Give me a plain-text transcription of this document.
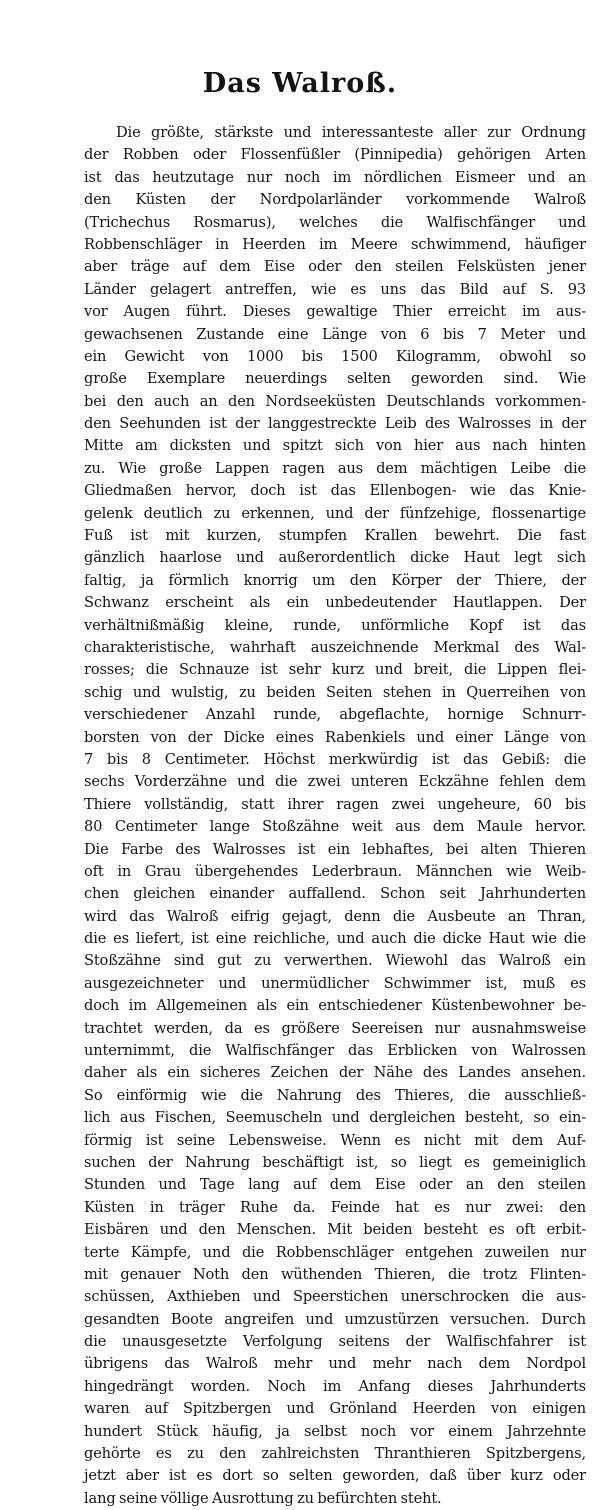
Das Walroß.
Die größte, stärkste und interessanteste aller zur Ordnung
der Robben oder Flossenfüßler (Pinnipedia) gehörigen Arten
ist das heutzutage nur noch im nördlichen Eismeer und an
den Küsten der Nordpolarländer vorkommende Walroß
(Trichechus Rosmarus), welches die Walfischfänger und
Robbenschläger in Heerden im Meere schwimmend, häufiger
aber träge auf dem Eise oder den steilen Felsküsten jener
Länder gelagert antreffen, wie es uns das Bild auf S. 93
vor Augen führt. Dieses gewaltige Thier erreicht im aus-
gewachsenen Zustande eine Länge von 6 bis 7 Meter und
ein Gewicht von 1000 bis 1500 Kilogramm, obwohl so
große Exemplare neuerdings selten geworden sind. Wie
bei den auch an den Nordseeküsten Deutschlands vorkommen-
den Seehunden ist der langgestreckte Leib des Walrosses in der
Mitte am dicksten und spitzt sich von hier aus nach hinten
zu. Wie große Lappen ragen aus dem mächtigen Leibe die
Gliedmaßen hervor, doch ist das Ellenbogen- wie das Knie-
gelenk deutlich zu erkennen, und der fünfzehige, flossenartige
Fuß ist mit kurzen, stumpfen Krallen bewehrt. Die fast
gänzlich haarlose und außerordentlich dicke Haut legt sich
faltig, ja förmlich knorrig um den Körper der Thiere, der
Schwanz erscheint als ein unbedeutender Hautlappen. Der
verhältnißmäßig kleine, runde, unförmliche Kopf ist das
charakteristische, wahrhaft auszeichnende Merkmal des Wal-
rosses; die Schnauze ist sehr kurz und breit, die Lippen flei-
schig und wulstig, zu beiden Seiten stehen in Querreihen von
verschiedener Anzahl runde, abgeflachte, hornige Schnurr-
borsten von der Dicke eines Rabenkiels und einer Länge von
7 bis 8 Centimeter. Höchst merkwürdig ist das Gebiß: die
sechs Vorderzähne und die zwei unteren Eckzähne fehlen dem
Thiere vollständig, statt ihrer ragen zwei ungeheure, 60 bis
80 Centimeter lange Stoßzähne weit aus dem Maule hervor.
Die Farbe des Walrosses ist ein lebhaftes, bei alten Thieren
oft in Grau übergehendes Lederbraun. Männchen wie Weib-
chen gleichen einander auffallend. Schon seit Jahrhunderten
wird das Walroß eifrig gejagt, denn die Ausbeute an Thran,
die es liefert, ist eine reichliche, und auch die dicke Haut wie die
Stoßzähne sind gut zu verwerthen. Wiewohl das Walroß ein
ausgezeichneter und unermüdlicher Schwimmer ist, muß es
doch im Allgemeinen als ein entschiedener Küstenbewohner be-
trachtet werden, da es größere Seereisen nur ausnahmsweise
unternimmt, die Walfischfänger das Erblicken von Walrossen
daher als ein sicheres Zeichen der Nähe des Landes ansehen.
So einförmig wie die Nahrung des Thieres, die ausschließ-
lich aus Fischen, Seemuscheln und dergleichen besteht, so ein-
förmig ist seine Lebensweise. Wenn es nicht mit dem Auf-
suchen der Nahrung beschäftigt ist, so liegt es gemeiniglich
Stunden und Tage lang auf dem Eise oder an den steilen
Küsten in träger Ruhe da. Feinde hat es nur zwei: den
Eisbären und den Menschen. Mit beiden besteht es oft erbit-
terte Kämpfe, und die Robbenschläger entgehen zuweilen nur
mit genauer Noth den wüthenden Thieren, die trotz Flinten-
schüssen, Axthieben und Speerstichen unerschrocken die aus-
gesandten Boote angreifen und umzustürzen versuchen. Durch
die unausgesetzte Verfolgung seitens der Walfischfahrer ist
übrigens das Walroß mehr und mehr nach dem Nordpol
hingedrängt worden. Noch im Anfang dieses Jahrhunderts
waren auf Spitzbergen und Grönland Heerden von einigen
hundert Stück häufig, ja selbst noch vor einem Jahrzehnte
gehörte es zu den zahlreichsten Thranthieren Spitzbergens,
jetzt aber ist es dort so selten geworden, daß über kurz oder
lang seine völlige Ausrottung zu befürchten steht.
